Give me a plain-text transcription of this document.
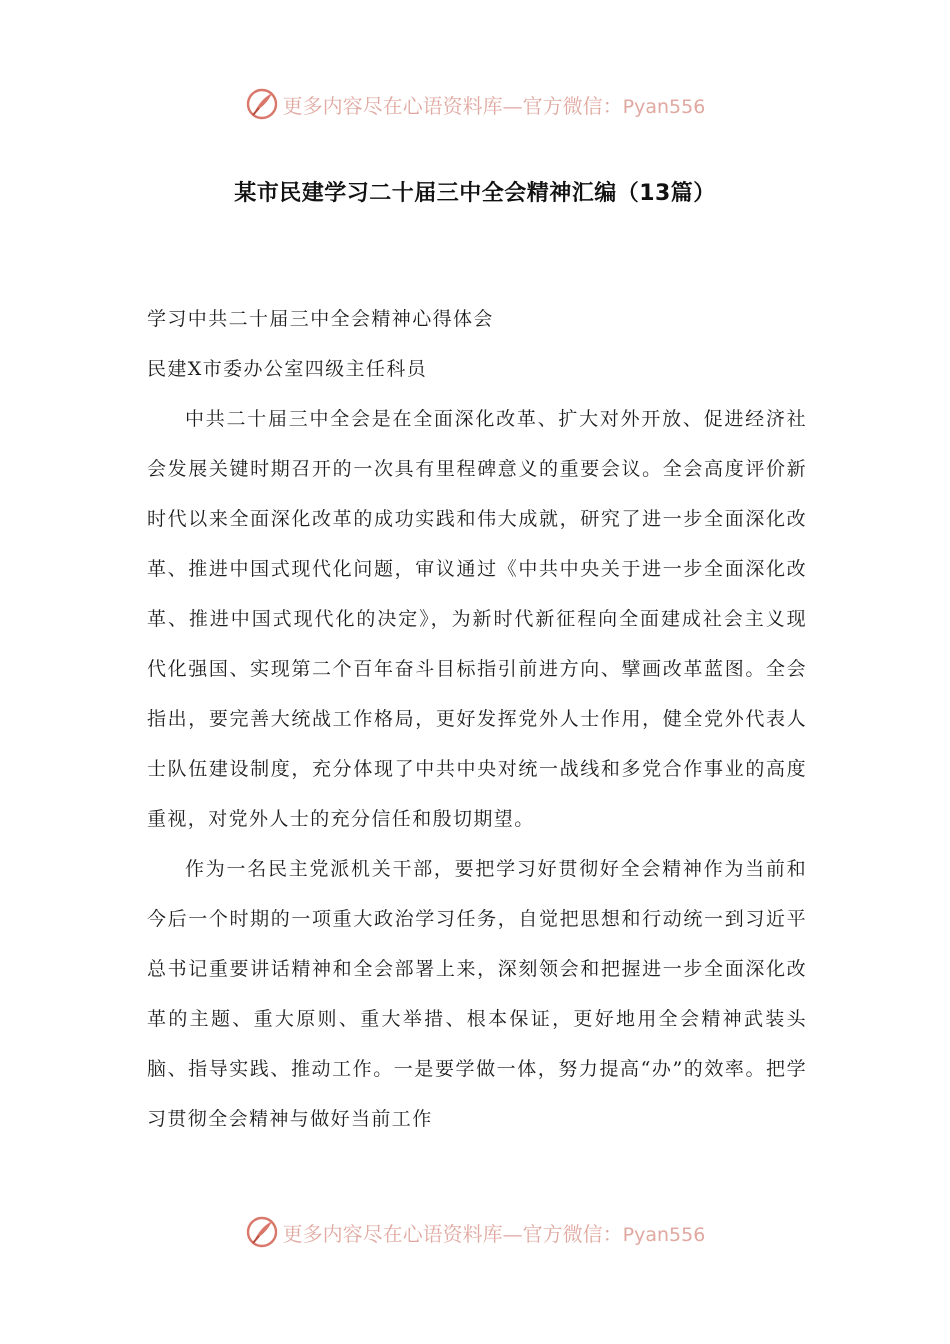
更多内容尽在心语资料库—官方微信：Pyan556
某市民建学习二十届三中全会精神汇编（13篇）

学习中共二十届三中全会精神心得体会

民建X市委办公室四级主任科员

中共二十届三中全会是在全面深化改革、扩大对外开放、促进经济社会发展关键时期召开的一次具有里程碑意义的重要会议。全会高度评价新时代以来全面深化改革的成功实践和伟大成就，研究了进一步全面深化改革、推进中国式现代化问题，审议通过《中共中央关于进一步全面深化改革、推进中国式现代化的决定》，为新时代新征程向全面建成社会主义现代化强国、实现第二个百年奋斗目标指引前进方向、擘画改革蓝图。全会指出，要完善大统战工作格局，更好发挥党外人士作用，健全党外代表人士队伍建设制度，充分体现了中共中央对统一战线和多党合作事业的高度重视，对党外人士的充分信任和殷切期望。

作为一名民主党派机关干部，要把学习好贯彻好全会精神作为当前和今后一个时期的一项重大政治学习任务，自觉把思想和行动统一到习近平总书记重要讲话精神和全会部署上来，深刻领会和把握进一步全面深化改革的主题、重大原则、重大举措、根本保证，更好地用全会精神武装头脑、指导实践、推动工作。一是要学做一体，努力提高“办”的效率。把学习贯彻全会精神与做好当前工作

更多内容尽在心语资料库—官方微信：Pyan556
